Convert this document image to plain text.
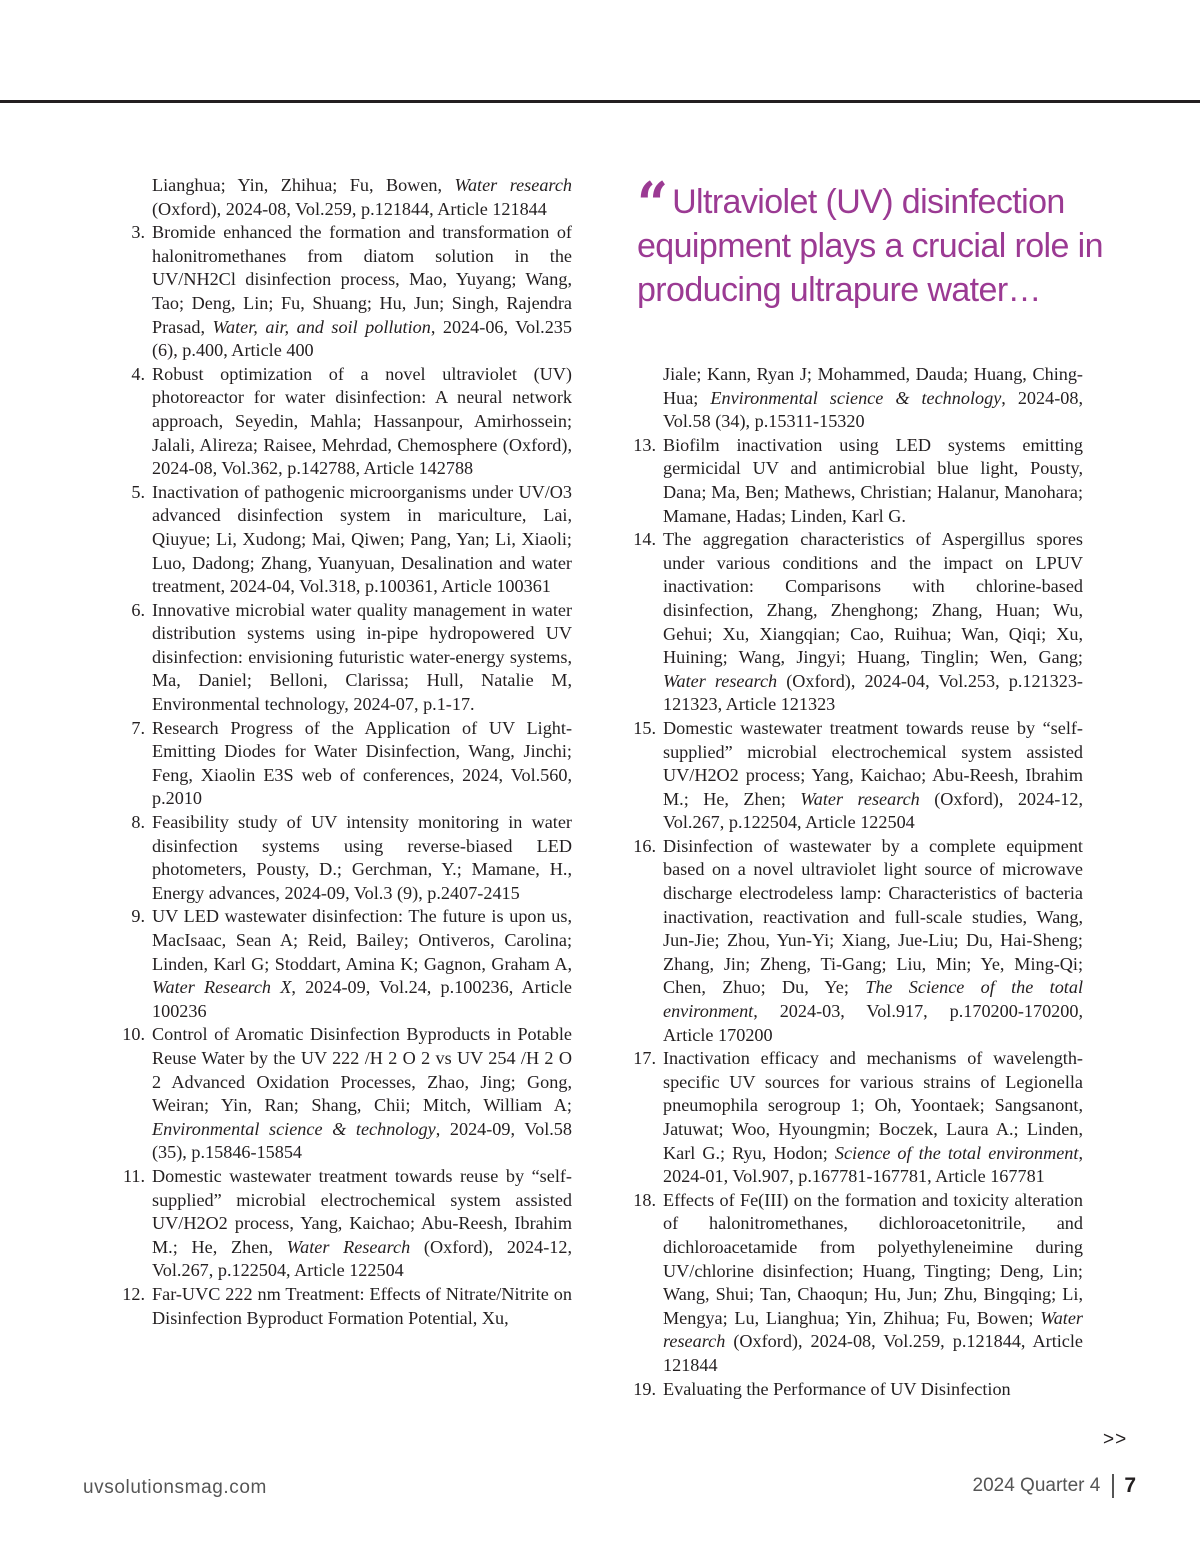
Lianghua; Yin, Zhihua; Fu, Bowen, Water research (Oxford), 2024-08, Vol.259, p.121844, Article 121844
3. Bromide enhanced the formation and transformation of halonitromethanes from diatom solution in the UV/NH2Cl disinfection process, Mao, Yuyang; Wang, Tao; Deng, Lin; Fu, Shuang; Hu, Jun; Singh, Rajendra Prasad, Water, air, and soil pollution, 2024-06, Vol.235 (6), p.400, Article 400
4. Robust optimization of a novel ultraviolet (UV) photoreactor for water disinfection: A neural network approach, Seyedin, Mahla; Hassanpour, Amirhossein; Jalali, Alireza; Raisee, Mehrdad, Chemosphere (Oxford), 2024-08, Vol.362, p.142788, Article 142788
5. Inactivation of pathogenic microorganisms under UV/O3 advanced disinfection system in mariculture, Lai, Qiuyue; Li, Xudong; Mai, Qiwen; Pang, Yan; Li, Xiaoli; Luo, Dadong; Zhang, Yuanyuan, Desalination and water treatment, 2024-04, Vol.318, p.100361, Article 100361
6. Innovative microbial water quality management in water distribution systems using in-pipe hydropowered UV disinfection: envisioning futuristic water-energy systems, Ma, Daniel; Belloni, Clarissa; Hull, Natalie M, Environmental technology, 2024-07, p.1-17.
7. Research Progress of the Application of UV Light-Emitting Diodes for Water Disinfection, Wang, Jinchi; Feng, Xiaolin E3S web of conferences, 2024, Vol.560, p.2010
8. Feasibility study of UV intensity monitoring in water disinfection systems using reverse-biased LED photometers, Pousty, D.; Gerchman, Y.; Mamane, H., Energy advances, 2024-09, Vol.3 (9), p.2407-2415
9. UV LED wastewater disinfection: The future is upon us, MacIsaac, Sean A; Reid, Bailey; Ontiveros, Carolina; Linden, Karl G; Stoddart, Amina K; Gagnon, Graham A, Water Research X, 2024-09, Vol.24, p.100236, Article 100236
10. Control of Aromatic Disinfection Byproducts in Potable Reuse Water by the UV 222 /H 2 O 2 vs UV 254 /H 2 O 2 Advanced Oxidation Processes, Zhao, Jing; Gong, Weiran; Yin, Ran; Shang, Chii; Mitch, William A; Environmental science & technology, 2024-09, Vol.58 (35), p.15846-15854
11. Domestic wastewater treatment towards reuse by “self-supplied” microbial electrochemical system assisted UV/H2O2 process, Yang, Kaichao; Abu-Reesh, Ibrahim M.; He, Zhen, Water Research (Oxford), 2024-12, Vol.267, p.122504, Article 122504
12. Far-UVC 222 nm Treatment: Effects of Nitrate/Nitrite on Disinfection Byproduct Formation Potential, Xu,
“ Ultraviolet (UV) disinfection equipment plays a crucial role in producing ultrapure water…
Jiale; Kann, Ryan J; Mohammed, Dauda; Huang, Ching-Hua; Environmental science & technology, 2024-08, Vol.58 (34), p.15311-15320
13. Biofilm inactivation using LED systems emitting germicidal UV and antimicrobial blue light, Pousty, Dana; Ma, Ben; Mathews, Christian; Halanur, Manohara; Mamane, Hadas; Linden, Karl G.
14. The aggregation characteristics of Aspergillus spores under various conditions and the impact on LPUV inactivation: Comparisons with chlorine-based disinfection, Zhang, Zhenghong; Zhang, Huan; Wu, Gehui; Xu, Xiangqian; Cao, Ruihua; Wan, Qiqi; Xu, Huining; Wang, Jingyi; Huang, Tinglin; Wen, Gang; Water research (Oxford), 2024-04, Vol.253, p.121323-121323, Article 121323
15. Domestic wastewater treatment towards reuse by “self-supplied” microbial electrochemical system assisted UV/H2O2 process; Yang, Kaichao; Abu-Reesh, Ibrahim M.; He, Zhen; Water research (Oxford), 2024-12, Vol.267, p.122504, Article 122504
16. Disinfection of wastewater by a complete equipment based on a novel ultraviolet light source of microwave discharge electrodeless lamp: Characteristics of bacteria inactivation, reactivation and full-scale studies, Wang, Jun-Jie; Zhou, Yun-Yi; Xiang, Jue-Liu; Du, Hai-Sheng; Zhang, Jin; Zheng, Ti-Gang; Liu, Min; Ye, Ming-Qi; Chen, Zhuo; Du, Ye; The Science of the total environment, 2024-03, Vol.917, p.170200-170200, Article 170200
17. Inactivation efficacy and mechanisms of wavelength-specific UV sources for various strains of Legionella pneumophila serogroup 1; Oh, Yoontaek; Sangsanont, Jatuwat; Woo, Hyoungmin; Boczek, Laura A.; Linden, Karl G.; Ryu, Hodon; Science of the total environment, 2024-01, Vol.907, p.167781-167781, Article 167781
18. Effects of Fe(III) on the formation and toxicity alteration of halonitromethanes, dichloroacetonitrile, and dichloroacetamide from polyethyleneimine during UV/chlorine disinfection; Huang, Tingting; Deng, Lin; Wang, Shui; Tan, Chaoqun; Hu, Jun; Zhu, Bingqing; Li, Mengya; Lu, Lianghua; Yin, Zhihua; Fu, Bowen; Water research (Oxford), 2024-08, Vol.259, p.121844, Article 121844
19. Evaluating the Performance of UV Disinfection
>>
uvsolutionsmag.com	2024 Quarter 4 7
